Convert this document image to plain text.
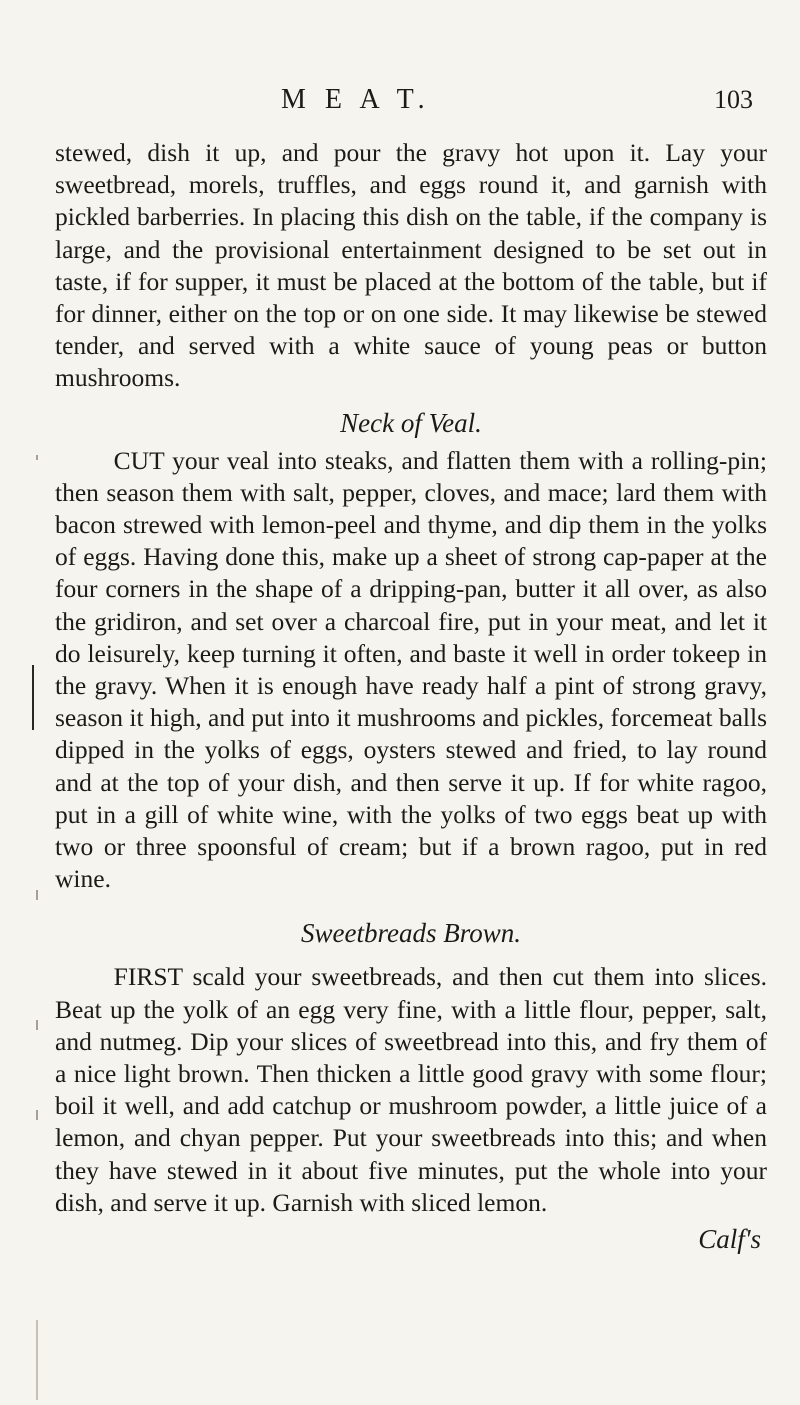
M E A T.	103

stewed, dish it up, and pour the gravy hot upon it. Lay your sweetbread, morels, truffles, and eggs round it, and garnish with pickled barberries. In placing this dish on the table, if the company is large, and the provisional entertainment designed to be set out in taste, if for supper, it must be placed at the bottom of the table, but if for dinner, either on the top or on one side. It may likewise be stewed tender, and served with a white sauce of young peas or button mushrooms.

Neck of Veal.

CUT your veal into steaks, and flatten them with a rolling-pin; then season them with salt, pepper, cloves, and mace; lard them with bacon strewed with lemon-peel and thyme, and dip them in the yolks of eggs. Having done this, make up a sheet of strong cap-paper at the four corners in the shape of a dripping-pan, butter it all over, as also the gridiron, and set over a charcoal fire, put in your meat, and let it do leisurely, keep turning it often, and baste it well in order tokeep in the gravy. When it is enough have ready half a pint of strong gravy, season it high, and put into it mushrooms and pickles, forcemeat balls dipped in the yolks of eggs, oysters stewed and fried, to lay round and at the top of your dish, and then serve it up. If for white ragoo, put in a gill of white wine, with the yolks of two eggs beat up with two or three spoonsful of cream; but if a brown ragoo, put in red wine.

Sweetbreads Brown.

FIRST scald your sweetbreads, and then cut them into slices. Beat up the yolk of an egg very fine, with a little flour, pepper, salt, and nutmeg. Dip your slices of sweetbread into this, and fry them of a nice light brown. Then thicken a little good gravy with some flour; boil it well, and add catchup or mushroom powder, a little juice of a lemon, and chyan pepper. Put your sweetbreads into this; and when they have stewed in it about five minutes, put the whole into your dish, and serve it up. Garnish with sliced lemon.

Calf's
